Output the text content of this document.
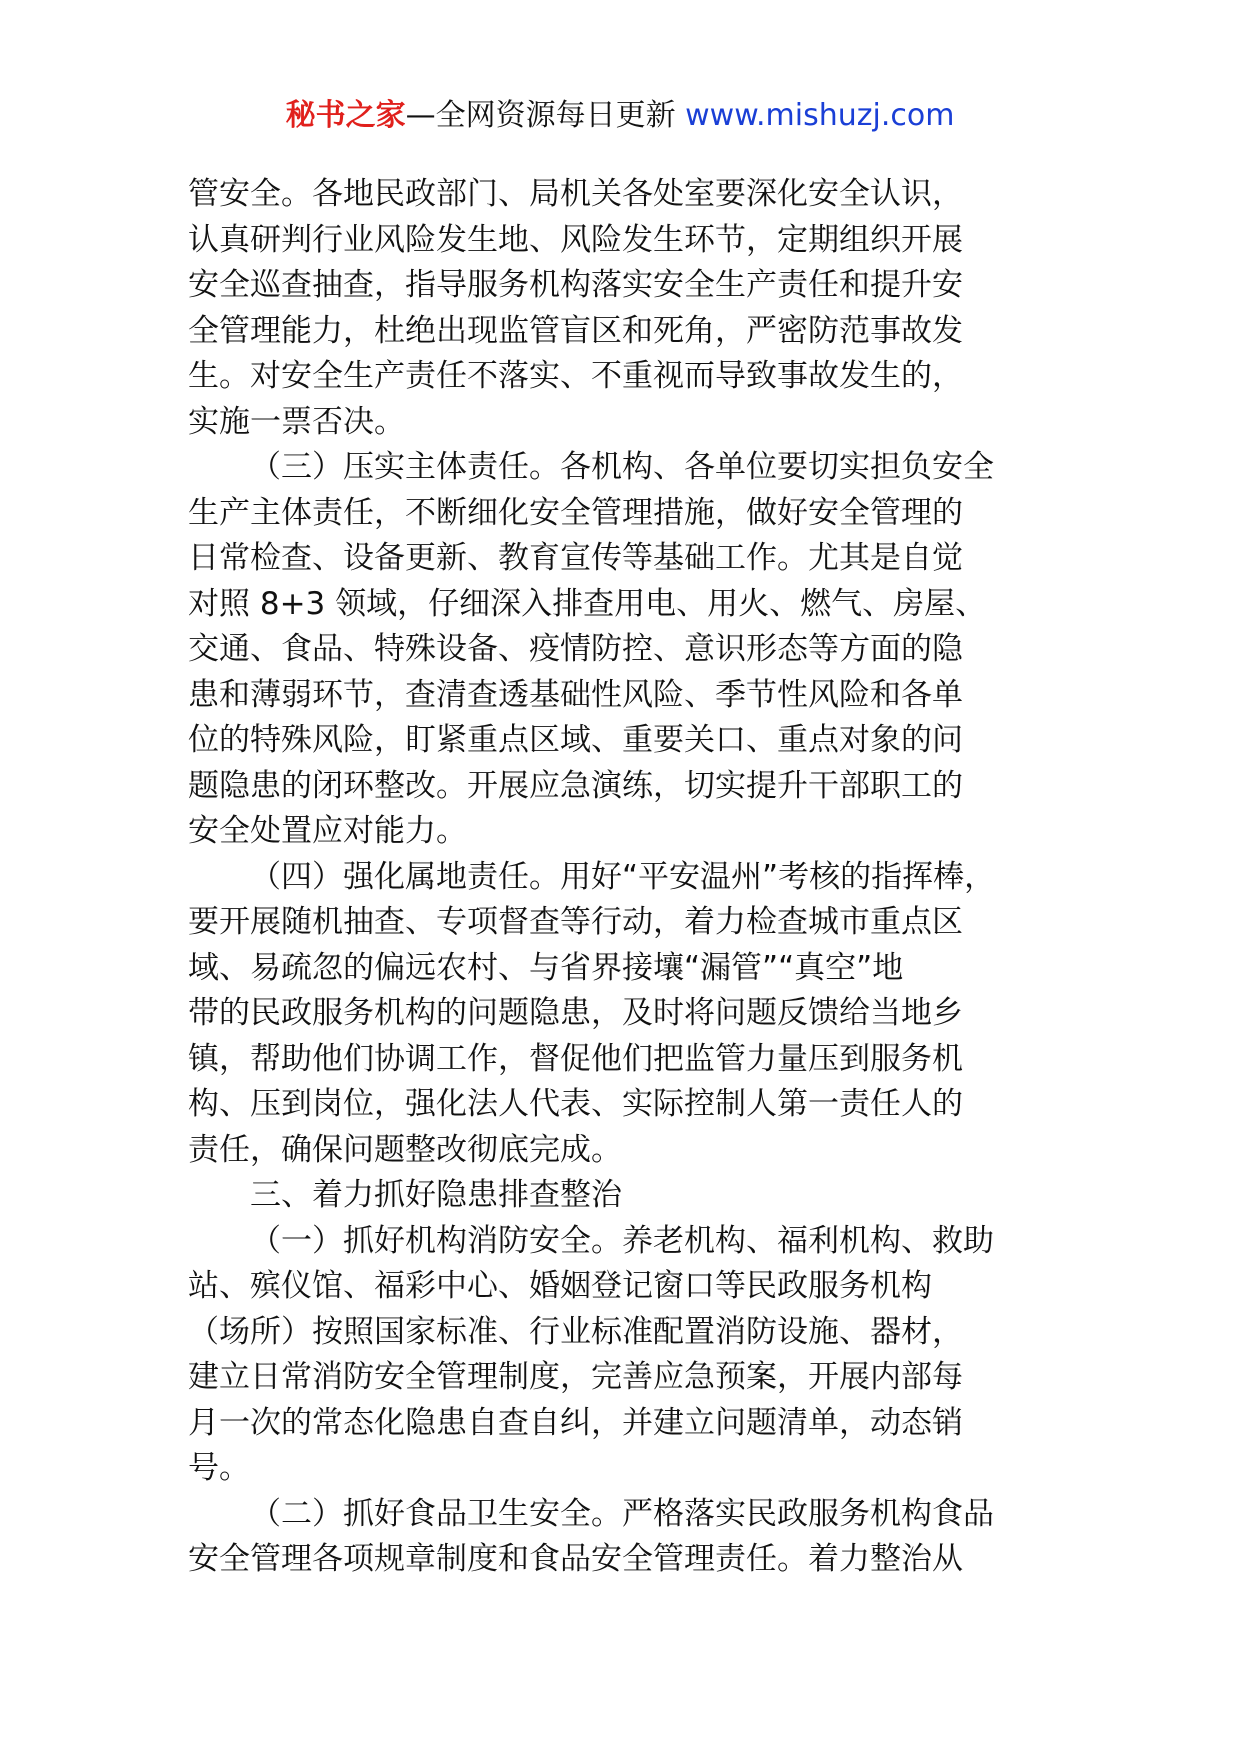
秘书之家—全网资源每日更新 www.mishuzj.com
管安全。各地民政部门、局机关各处室要深化安全认识，
认真研判行业风险发生地、风险发生环节，定期组织开展
安全巡查抽查，指导服务机构落实安全生产责任和提升安
全管理能力，杜绝出现监管盲区和死角，严密防范事故发
生。对安全生产责任不落实、不重视而导致事故发生的，
实施一票否决。
（三）压实主体责任。各机构、各单位要切实担负安全
生产主体责任，不断细化安全管理措施，做好安全管理的
日常检查、设备更新、教育宣传等基础工作。尤其是自觉
对照 8+3 领域，仔细深入排查用电、用火、燃气、房屋、
交通、食品、特殊设备、疫情防控、意识形态等方面的隐
患和薄弱环节，查清查透基础性风险、季节性风险和各单
位的特殊风险，盯紧重点区域、重要关口、重点对象的问
题隐患的闭环整改。开展应急演练，切实提升干部职工的
安全处置应对能力。
（四）强化属地责任。用好“平安温州”考核的指挥棒，
要开展随机抽查、专项督查等行动，着力检查城市重点区
域、易疏忽的偏远农村、与省界接壤“漏管”“真空”地
带的民政服务机构的问题隐患，及时将问题反馈给当地乡
镇，帮助他们协调工作，督促他们把监管力量压到服务机
构、压到岗位，强化法人代表、实际控制人第一责任人的
责任，确保问题整改彻底完成。
三、着力抓好隐患排查整治
（一）抓好机构消防安全。养老机构、福利机构、救助
站、殡仪馆、福彩中心、婚姻登记窗口等民政服务机构
（场所）按照国家标准、行业标准配置消防设施、器材，
建立日常消防安全管理制度，完善应急预案，开展内部每
月一次的常态化隐患自查自纠，并建立问题清单，动态销
号。
（二）抓好食品卫生安全。严格落实民政服务机构食品
安全管理各项规章制度和食品安全管理责任。着力整治从
